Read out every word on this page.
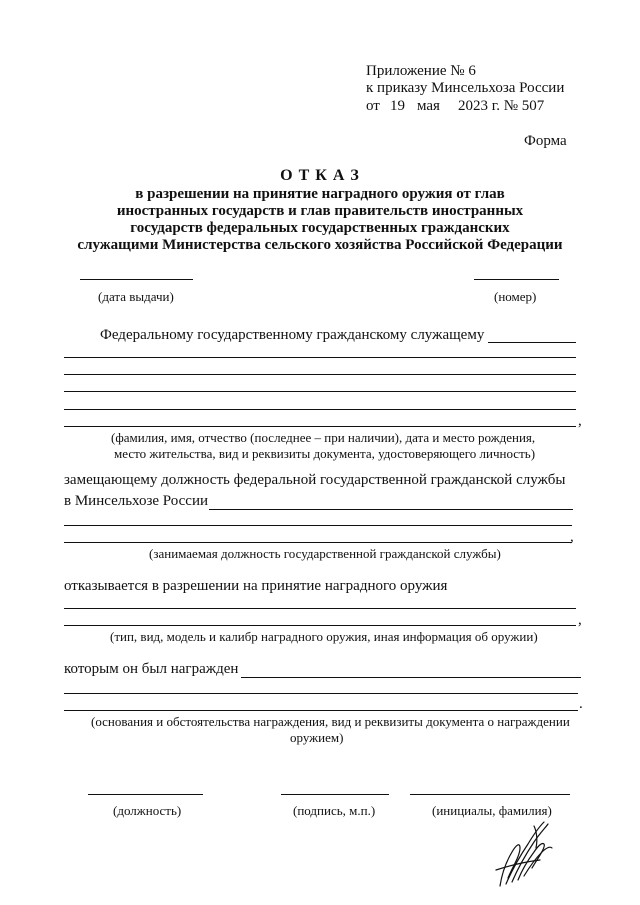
Приложение № 6
к приказу Минсельхоза России
от 19 мая 2023 г. № 507
Форма
О Т К А З
в разрешении на принятие наградного оружия от глав
иностранных государств и глав правительств иностранных
государств федеральных государственных гражданских
служащими Министерства сельского хозяйства Российской Федерации
(дата выдачи)	(номер)
Федеральному государственному гражданскому служащему
,
(фамилия, имя, отчество (последнее – при наличии), дата и место рождения,
место жительства, вид и реквизиты документа, удостоверяющего личность)
замещающему должность федеральной государственной гражданской службы
в Минсельхозе России
,
(занимаемая должность государственной гражданской службы)
отказывается в разрешении на принятие наградного оружия
,
(тип, вид, модель и калибр наградного оружия, иная информация об оружии)
которым он был награжден
.
(основания и обстоятельства награждения, вид и реквизиты документа о награждении
оружием)
(должность)	(подпись, м.п.)	(инициалы, фамилия)
